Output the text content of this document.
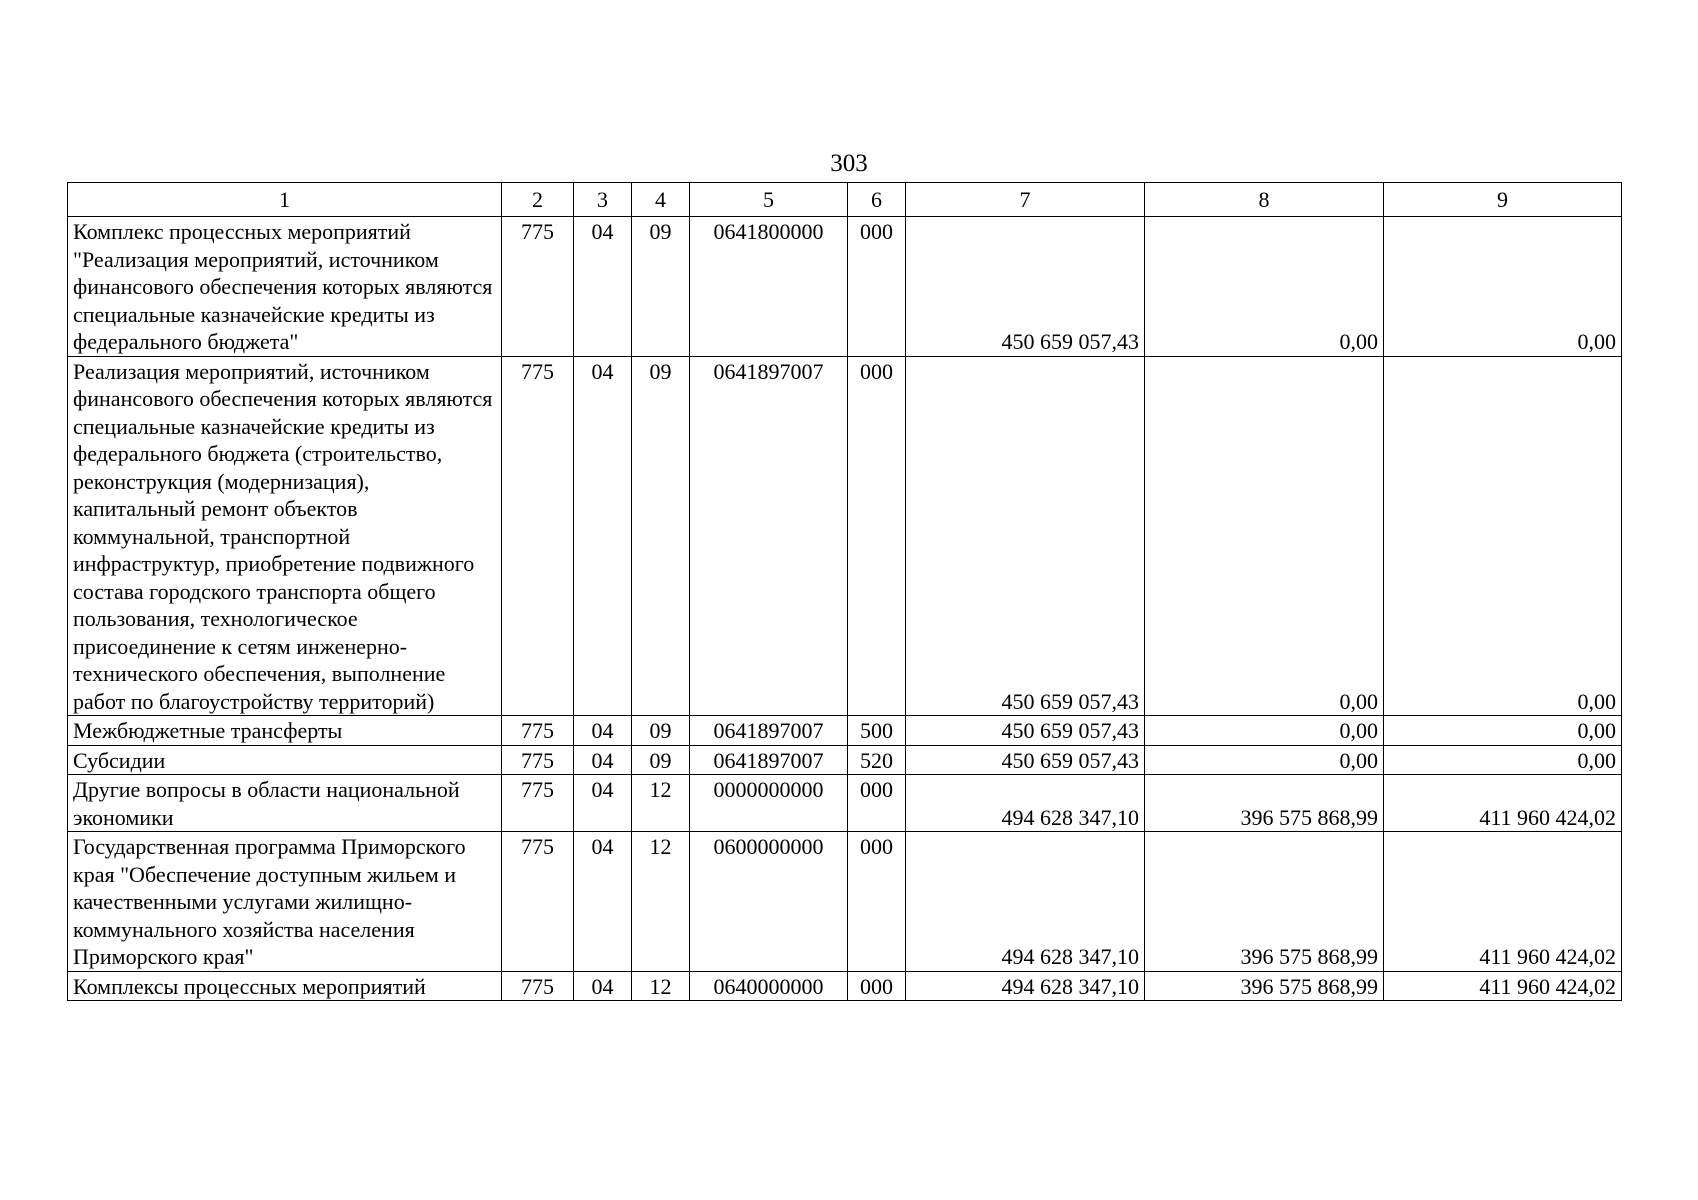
303
1	2	3	4	5	6	7	8	9
Комплекс процессных мероприятий "Реализация мероприятий, источником финансового обеспечения которых являются специальные казначейские кредиты из федерального бюджета"	775	04	09	0641800000	000	450 659 057,43	0,00	0,00
Реализация мероприятий, источником финансового обеспечения которых являются специальные казначейские кредиты из федерального бюджета (строительство, реконструкция (модернизация), капитальный ремонт объектов коммунальной, транспортной инфраструктур, приобретение подвижного состава городского транспорта общего пользования, технологическое присоединение к сетям инженерно-технического обеспечения, выполнение работ по благоустройству территорий)	775	04	09	0641897007	000	450 659 057,43	0,00	0,00
Межбюджетные трансферты	775	04	09	0641897007	500	450 659 057,43	0,00	0,00
Субсидии	775	04	09	0641897007	520	450 659 057,43	0,00	0,00
Другие вопросы в области национальной экономики	775	04	12	0000000000	000	494 628 347,10	396 575 868,99	411 960 424,02
Государственная программа Приморского края "Обеспечение доступным жильем и качественными услугами жилищно-коммунального хозяйства населения Приморского края"	775	04	12	0600000000	000	494 628 347,10	396 575 868,99	411 960 424,02
Комплексы процессных мероприятий	775	04	12	0640000000	000	494 628 347,10	396 575 868,99	411 960 424,02
